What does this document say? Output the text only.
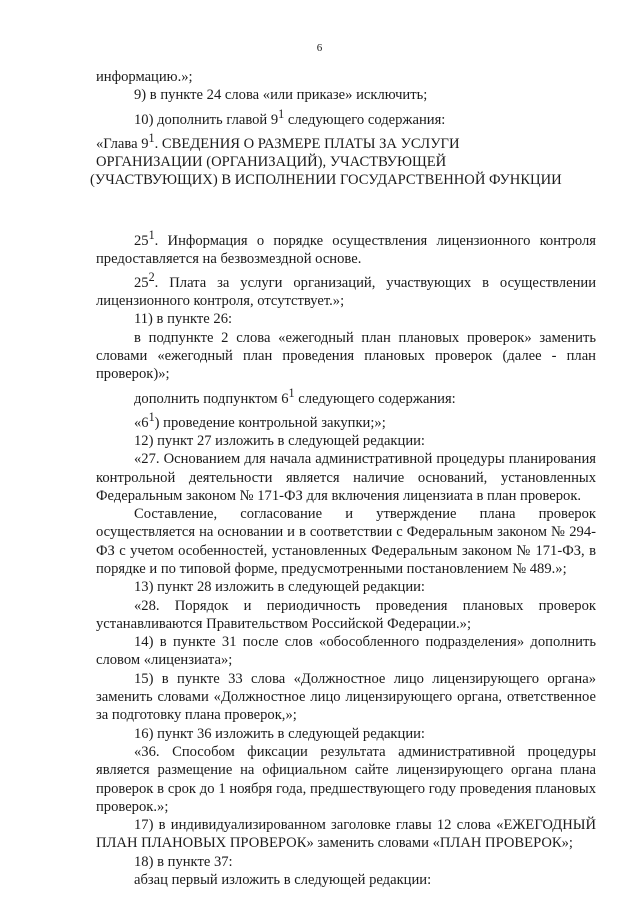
6

информацию.»;

9) в пункте 24 слова «или приказе» исключить;

10) дополнить главой $9^1$ следующего содержания:

«Глава $9^1$. СВЕДЕНИЯ О РАЗМЕРЕ ПЛАТЫ ЗА УСЛУГИ

ОРГАНИЗАЦИИ (ОРГАНИЗАЦИЙ), УЧАСТВУЮЩЕЙ

(УЧАСТВУЮЩИХ) В ИСПОЛНЕНИИ ГОСУДАРСТВЕННОЙ ФУНКЦИИ

$25^1$. Информация о порядке осуществления лицензионного контроля предоставляется на безвозмездной основе.

$25^2$. Плата за услуги организаций, участвующих в осуществлении лицензионного контроля, отсутствует.»;

11) в пункте 26:

в подпункте 2 слова «ежегодный план плановых проверок» заменить словами «ежегодный план проведения плановых проверок (далее - план проверок)»;

дополнить подпунктом $6^1$ следующего содержания:

«$6^1$) проведение контрольной закупки;»;

12) пункт 27 изложить в следующей редакции:

«27. Основанием для начала административной процедуры планирования контрольной деятельности является наличие оснований, установленных Федеральным законом № 171-ФЗ для включения лицензиата в план проверок.

Составление, согласование и утверждение плана проверок осуществляется на основании и в соответствии с Федеральным законом № 294-ФЗ с учетом особенностей, установленных Федеральным законом № 171-ФЗ, в порядке и по типовой форме, предусмотренными постановлением № 489.»;

13) пункт 28 изложить в следующей редакции:

«28. Порядок и периодичность проведения плановых проверок устанавливаются Правительством Российской Федерации.»;

14) в пункте 31 после слов «обособленного подразделения» дополнить словом «лицензиата»;

15) в пункте 33 слова «Должностное лицо лицензирующего органа» заменить словами «Должностное лицо лицензирующего органа, ответственное за подготовку плана проверок,»;

16) пункт 36 изложить в следующей редакции:

«36. Способом фиксации результата административной процедуры является размещение на официальном сайте лицензирующего органа плана проверок в срок до 1 ноября года, предшествующего году проведения плановых проверок.»;

17) в индивидуализированном заголовке главы 12 слова «ЕЖЕГОДНЫЙ ПЛАН ПЛАНОВЫХ ПРОВЕРОК» заменить словами «ПЛАН ПРОВЕРОК»;

18) в пункте 37:

абзац первый изложить в следующей редакции:
